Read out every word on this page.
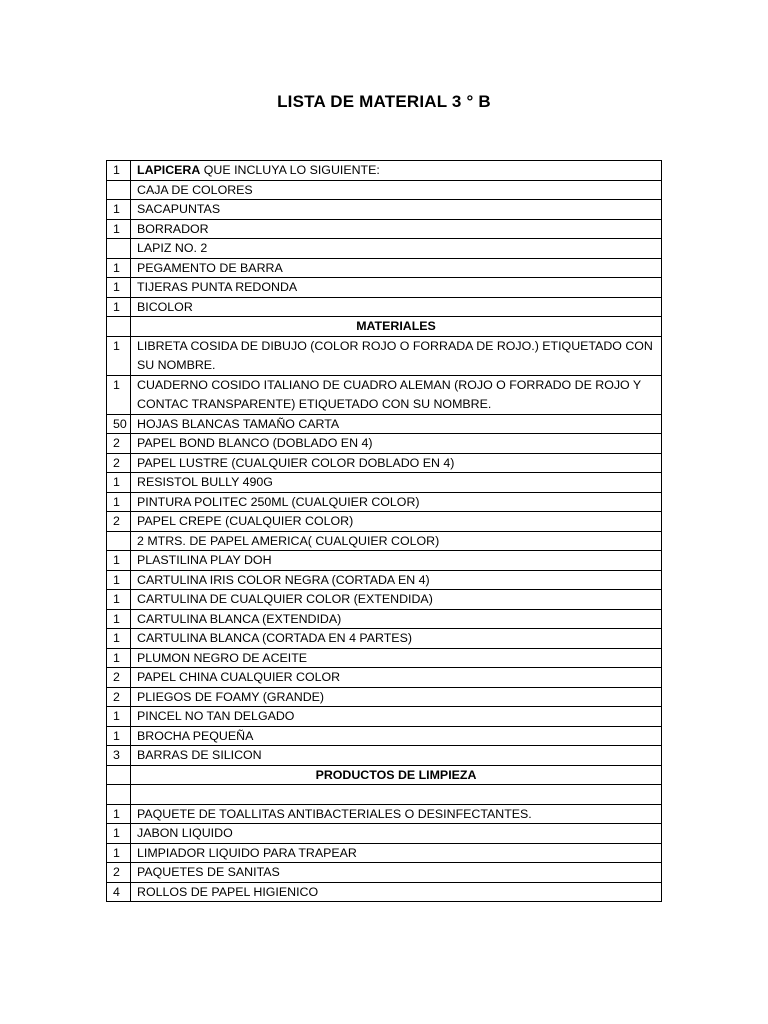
LISTA DE MATERIAL 3 ° B
1	LAPICERA QUE INCLUYA LO SIGUIENTE:
	CAJA DE COLORES
1	SACAPUNTAS
1	BORRADOR
	LAPIZ NO. 2
1	PEGAMENTO DE BARRA
1	TIJERAS PUNTA REDONDA
1	BICOLOR
	MATERIALES
1	LIBRETA COSIDA DE DIBUJO (COLOR ROJO O FORRADA DE ROJO.) ETIQUETADO CON SU NOMBRE.
1	CUADERNO COSIDO ITALIANO DE CUADRO ALEMAN (ROJO O FORRADO DE ROJO Y CONTAC TRANSPARENTE) ETIQUETADO CON SU NOMBRE.
50	HOJAS BLANCAS TAMAÑO CARTA
2	PAPEL BOND BLANCO (DOBLADO EN 4)
2	PAPEL LUSTRE (CUALQUIER COLOR DOBLADO EN 4)
1	RESISTOL BULLY 490G
1	PINTURA POLITEC 250ML (CUALQUIER COLOR)
2	PAPEL CREPE (CUALQUIER COLOR)
	2 MTRS. DE PAPEL AMERICA( CUALQUIER COLOR)
1	PLASTILINA PLAY DOH
1	CARTULINA IRIS COLOR NEGRA (CORTADA EN 4)
1	CARTULINA DE CUALQUIER COLOR (EXTENDIDA)
1	CARTULINA BLANCA (EXTENDIDA)
1	CARTULINA BLANCA (CORTADA EN 4 PARTES)
1	PLUMON NEGRO DE ACEITE
2	PAPEL CHINA CUALQUIER COLOR
2	PLIEGOS DE FOAMY (GRANDE)
1	PINCEL NO TAN DELGADO
1	BROCHA PEQUEÑA
3	BARRAS DE SILICON
	PRODUCTOS DE LIMPIEZA

1	PAQUETE DE TOALLITAS ANTIBACTERIALES O DESINFECTANTES.
1	JABON LIQUIDO
1	LIMPIADOR LIQUIDO PARA TRAPEAR
2	PAQUETES DE SANITAS
4	ROLLOS DE PAPEL HIGIENICO
